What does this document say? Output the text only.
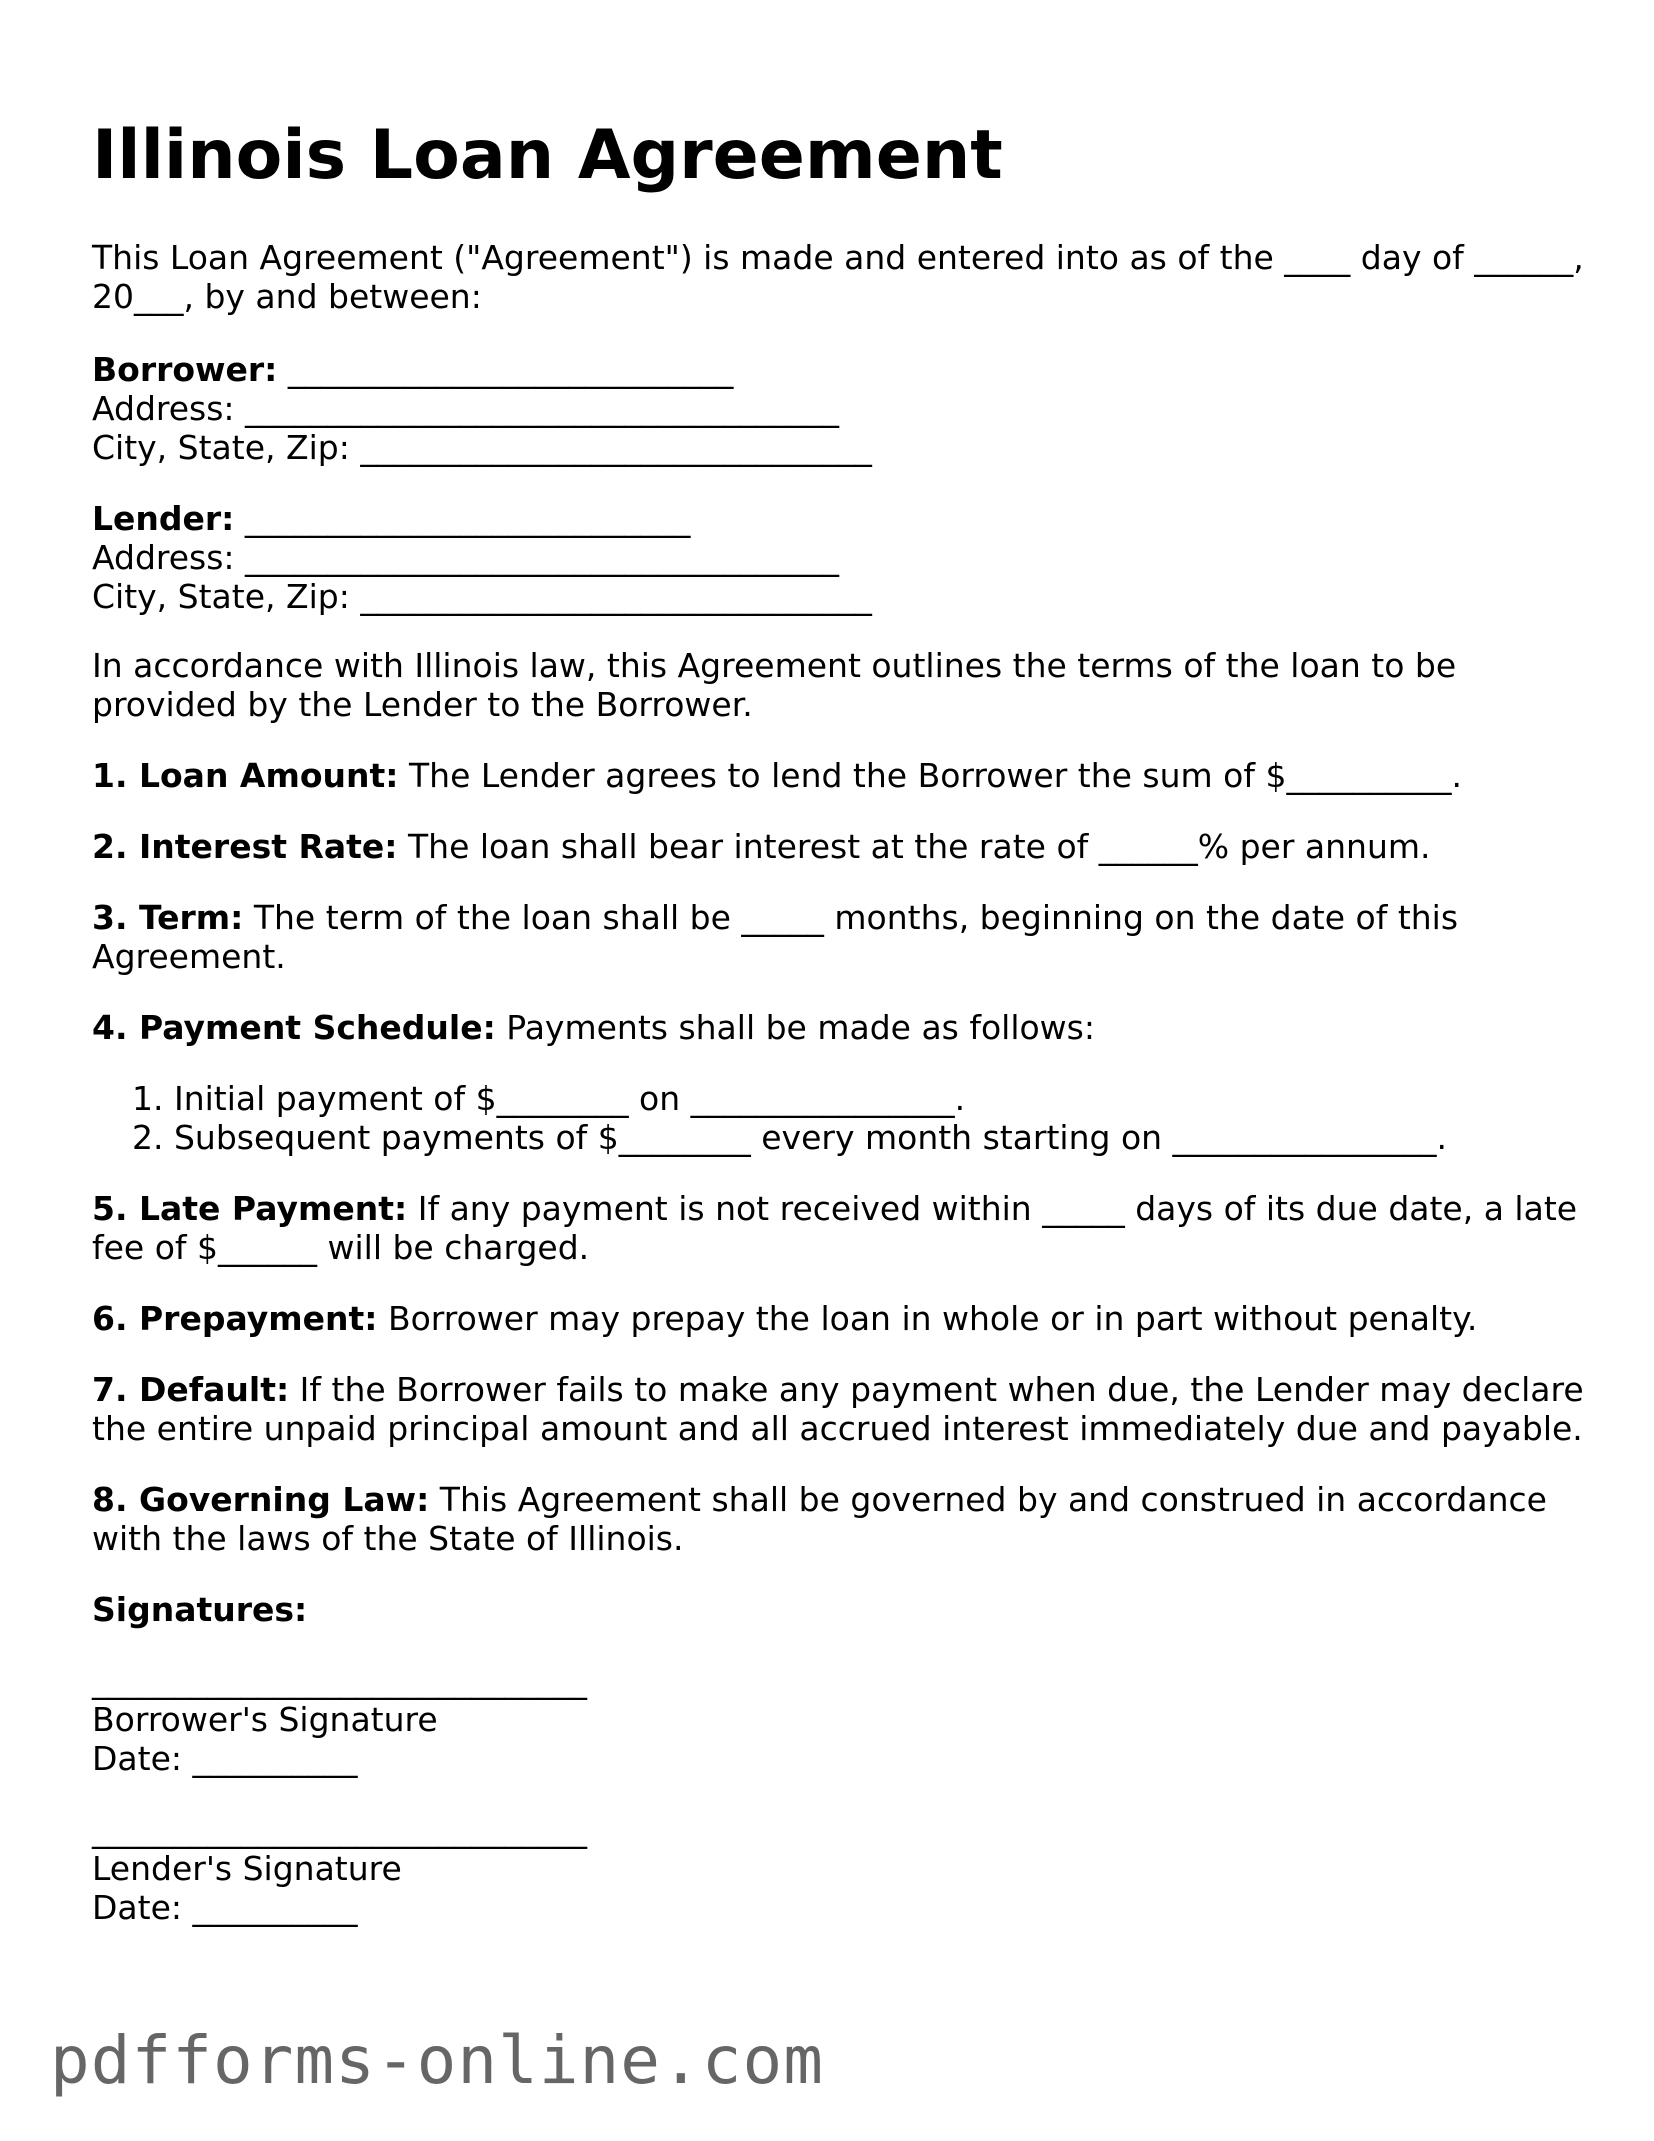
Illinois Loan Agreement
This Loan Agreement ("Agreement") is made and entered into as of the ____ day of ______,
20___, by and between:
Borrower: ___________________________
Address: ____________________________________
City, State, Zip: _______________________________
Lender: ___________________________
Address: ____________________________________
City, State, Zip: _______________________________
In accordance with Illinois law, this Agreement outlines the terms of the loan to be
provided by the Lender to the Borrower.
1. Loan Amount: The Lender agrees to lend the Borrower the sum of $__________.
2. Interest Rate: The loan shall bear interest at the rate of ______% per annum.
3. Term: The term of the loan shall be _____ months, beginning on the date of this
Agreement.
4. Payment Schedule: Payments shall be made as follows:
1. Initial payment of $________ on ________________.
2. Subsequent payments of $________ every month starting on ________________.
5. Late Payment: If any payment is not received within _____ days of its due date, a late
fee of $______ will be charged.
6. Prepayment: Borrower may prepay the loan in whole or in part without penalty.
7. Default: If the Borrower fails to make any payment when due, the Lender may declare
the entire unpaid principal amount and all accrued interest immediately due and payable.
8. Governing Law: This Agreement shall be governed by and construed in accordance
with the laws of the State of Illinois.
Signatures:
______________________________
Borrower's Signature
Date: __________
______________________________
Lender's Signature
Date: __________
pdfforms-online.com
